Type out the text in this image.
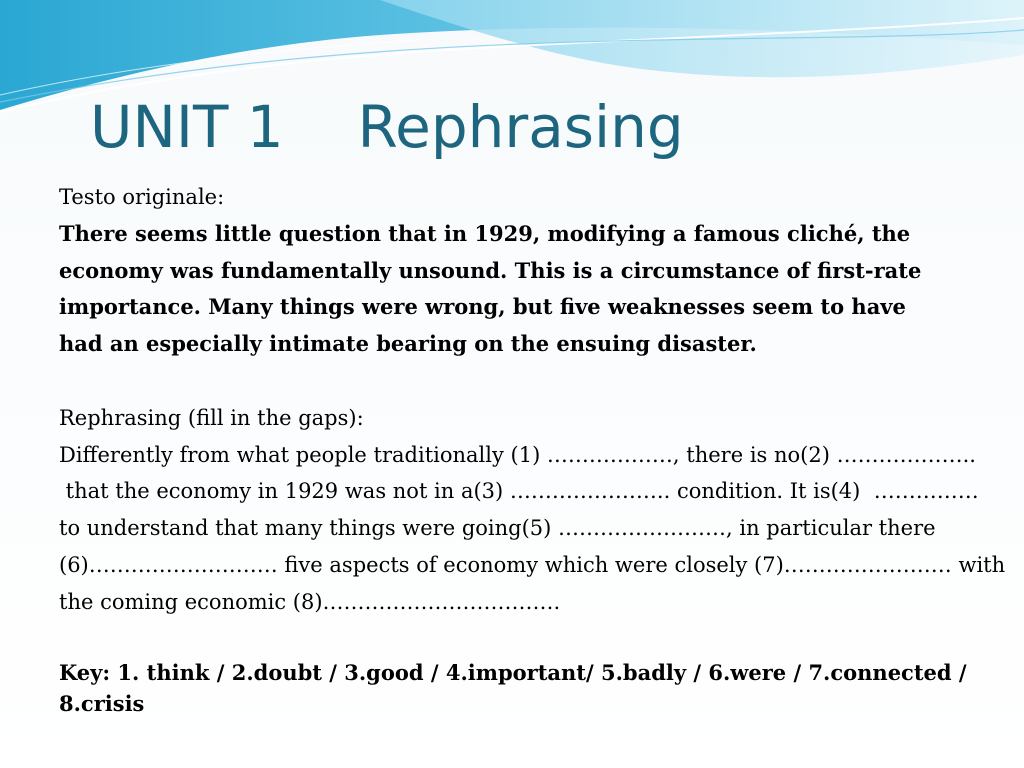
UNIT 1    Rephrasing
Testo originale:
There seems little question that in 1929, modifying a famous cliché, the
economy was fundamentally unsound. This is a circumstance of first-rate
importance. Many things were wrong, but five weaknesses seem to have
had an especially intimate bearing on the ensuing disaster.
Rephrasing (fill in the gaps):
Differently from what people traditionally (1) ………………, there is no(2) ………………..
that the economy in 1929 was not in a(3) ………………….. condition. It is(4)  ……………
to understand that many things were going(5) ……………………, in particular there
(6)……………………… five aspects of economy which were closely (7)…………………… with
the coming economic (8)…………………………….
Key: 1. think / 2.doubt / 3.good / 4.important/ 5.badly / 6.were / 7.connected /
8.crisis
